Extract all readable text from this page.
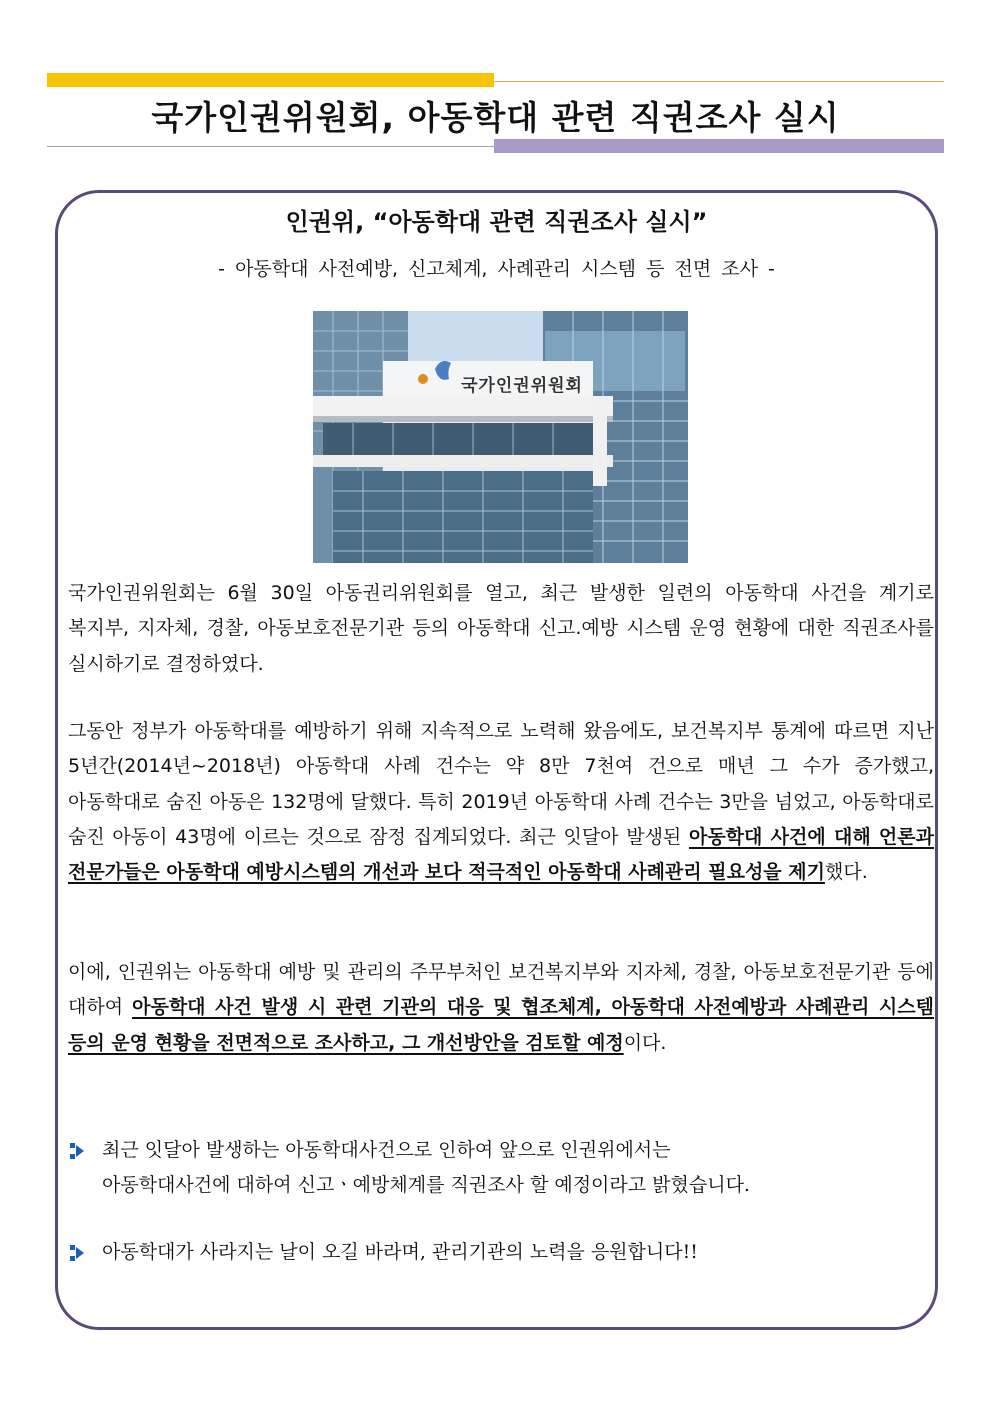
국가인권위원회, 아동학대 관련 직권조사 실시
인권위, “아동학대 관련 직권조사 실시”
- 아동학대 사전예방, 신고체계, 사례관리 시스템 등 전면 조사 -
국가인권위원회
국가인권위원회는 6월 30일 아동권리위원회를 열고, 최근 발생한 일련의 아동학대 사건을 계기로 복지부, 지자체, 경찰, 아동보호전문기관 등의 아동학대 신고.예방 시스템 운영 현황에 대한 직권조사를 실시하기로 결정하였다.
그동안 정부가 아동학대를 예방하기 위해 지속적으로 노력해 왔음에도, 보건복지부 통계에 따르면 지난 5년간(2014년~2018년) 아동학대 사례 건수는 약 8만 7천여 건으로 매년 그 수가 증가했고, 아동학대로 숨진 아동은 132명에 달했다. 특히 2019년 아동학대 사례 건수는 3만을 넘었고, 아동학대로 숨진 아동이 43명에 이르는 것으로 잠정 집계되었다. 최근 잇달아 발생된 아동학대 사건에 대해 언론과 전문가들은 아동학대 예방시스템의 개선과 보다 적극적인 아동학대 사례관리 필요성을 제기했다.
이에, 인권위는 아동학대 예방 및 관리의 주무부처인 보건복지부와 지자체, 경찰, 아동보호전문기관 등에 대하여 아동학대 사건 발생 시 관련 기관의 대응 및 협조체계, 아동학대 사전예방과 사례관리 시스템 등의 운영 현황을 전면적으로 조사하고, 그 개선방안을 검토할 예정이다.
최근 잇달아 발생하는 아동학대사건으로 인하여 앞으로 인권위에서는
아동학대사건에 대하여 신고ㆍ예방체계를 직권조사 할 예정이라고 밝혔습니다.
아동학대가 사라지는 날이 오길 바라며, 관리기관의 노력을 응원합니다!!
